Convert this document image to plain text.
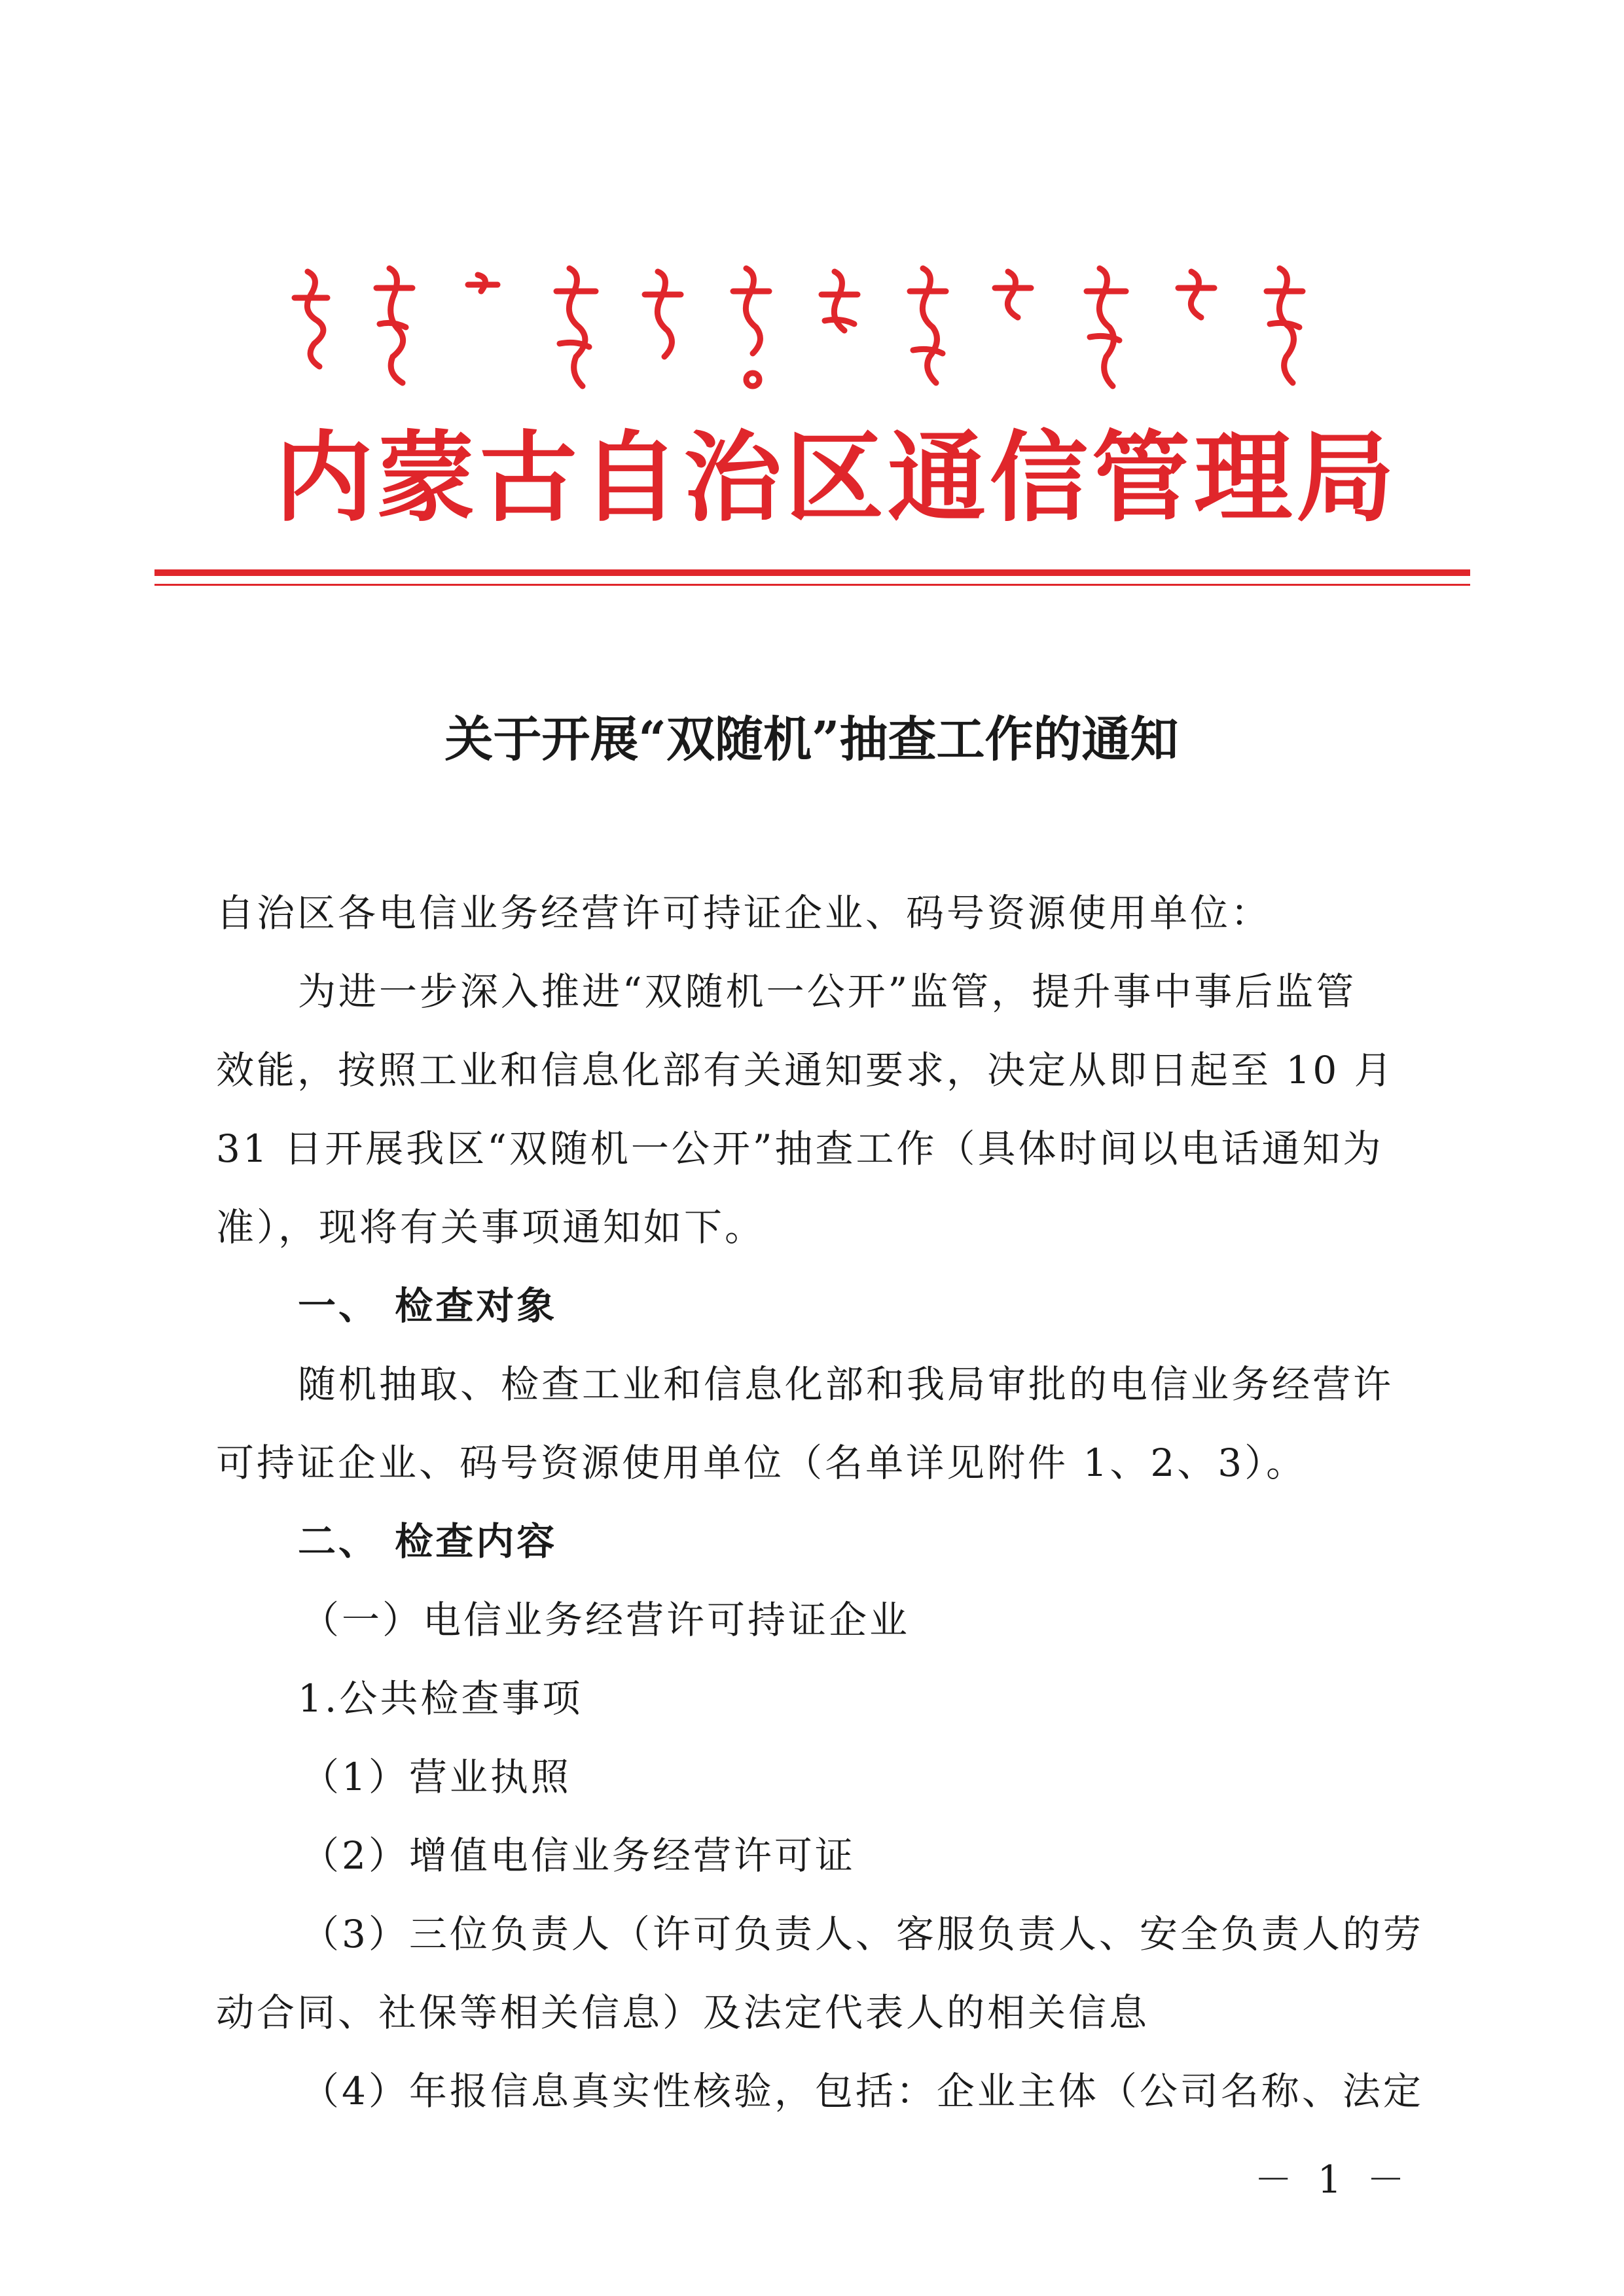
内蒙古自治区通信管理局
关于开展“双随机”抽查工作的通知
自治区各电信业务经营许可持证企业、码号资源使用单位：
为进一步深入推进“双随机一公开”监管，提升事中事后监管
效能，按照工业和信息化部有关通知要求，决定从即日起至 10 月
31 日开展我区“双随机一公开”抽查工作（具体时间以电话通知为
准），现将有关事项通知如下。
一、 检查对象
随机抽取、检查工业和信息化部和我局审批的电信业务经营许
可持证企业、码号资源使用单位（名单详见附件 1、2、3）。
二、 检查内容
（一）电信业务经营许可持证企业
1.公共检查事项
（1）营业执照
（2）增值电信业务经营许可证
（3）三位负责人（许可负责人、客服负责人、安全负责人的劳
动合同、社保等相关信息）及法定代表人的相关信息
（4）年报信息真实性核验，包括：企业主体（公司名称、法定
－ 1 －
